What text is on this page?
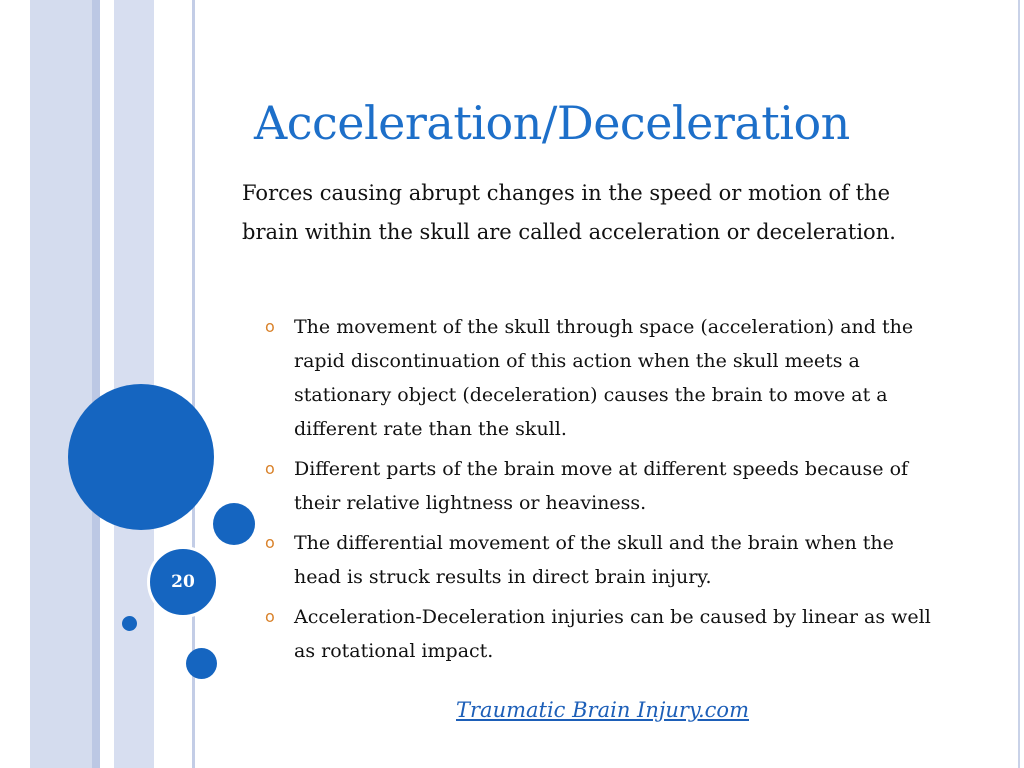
20
Acceleration/Deceleration

Forces causing abrupt changes in the speed or motion of the brain within the skull are called acceleration or deceleration.

o The movement of the skull through space (acceleration) and the rapid discontinuation of this action when the skull meets a stationary object (deceleration) causes the brain to move at a different rate than the skull.
o Different parts of the brain move at different speeds because of their relative lightness or heaviness.
o The differential movement of the skull and the brain when the head is struck results in direct brain injury.
o Acceleration-Deceleration injuries can be caused by linear as well as rotational impact.
Traumatic Brain Injury.com
